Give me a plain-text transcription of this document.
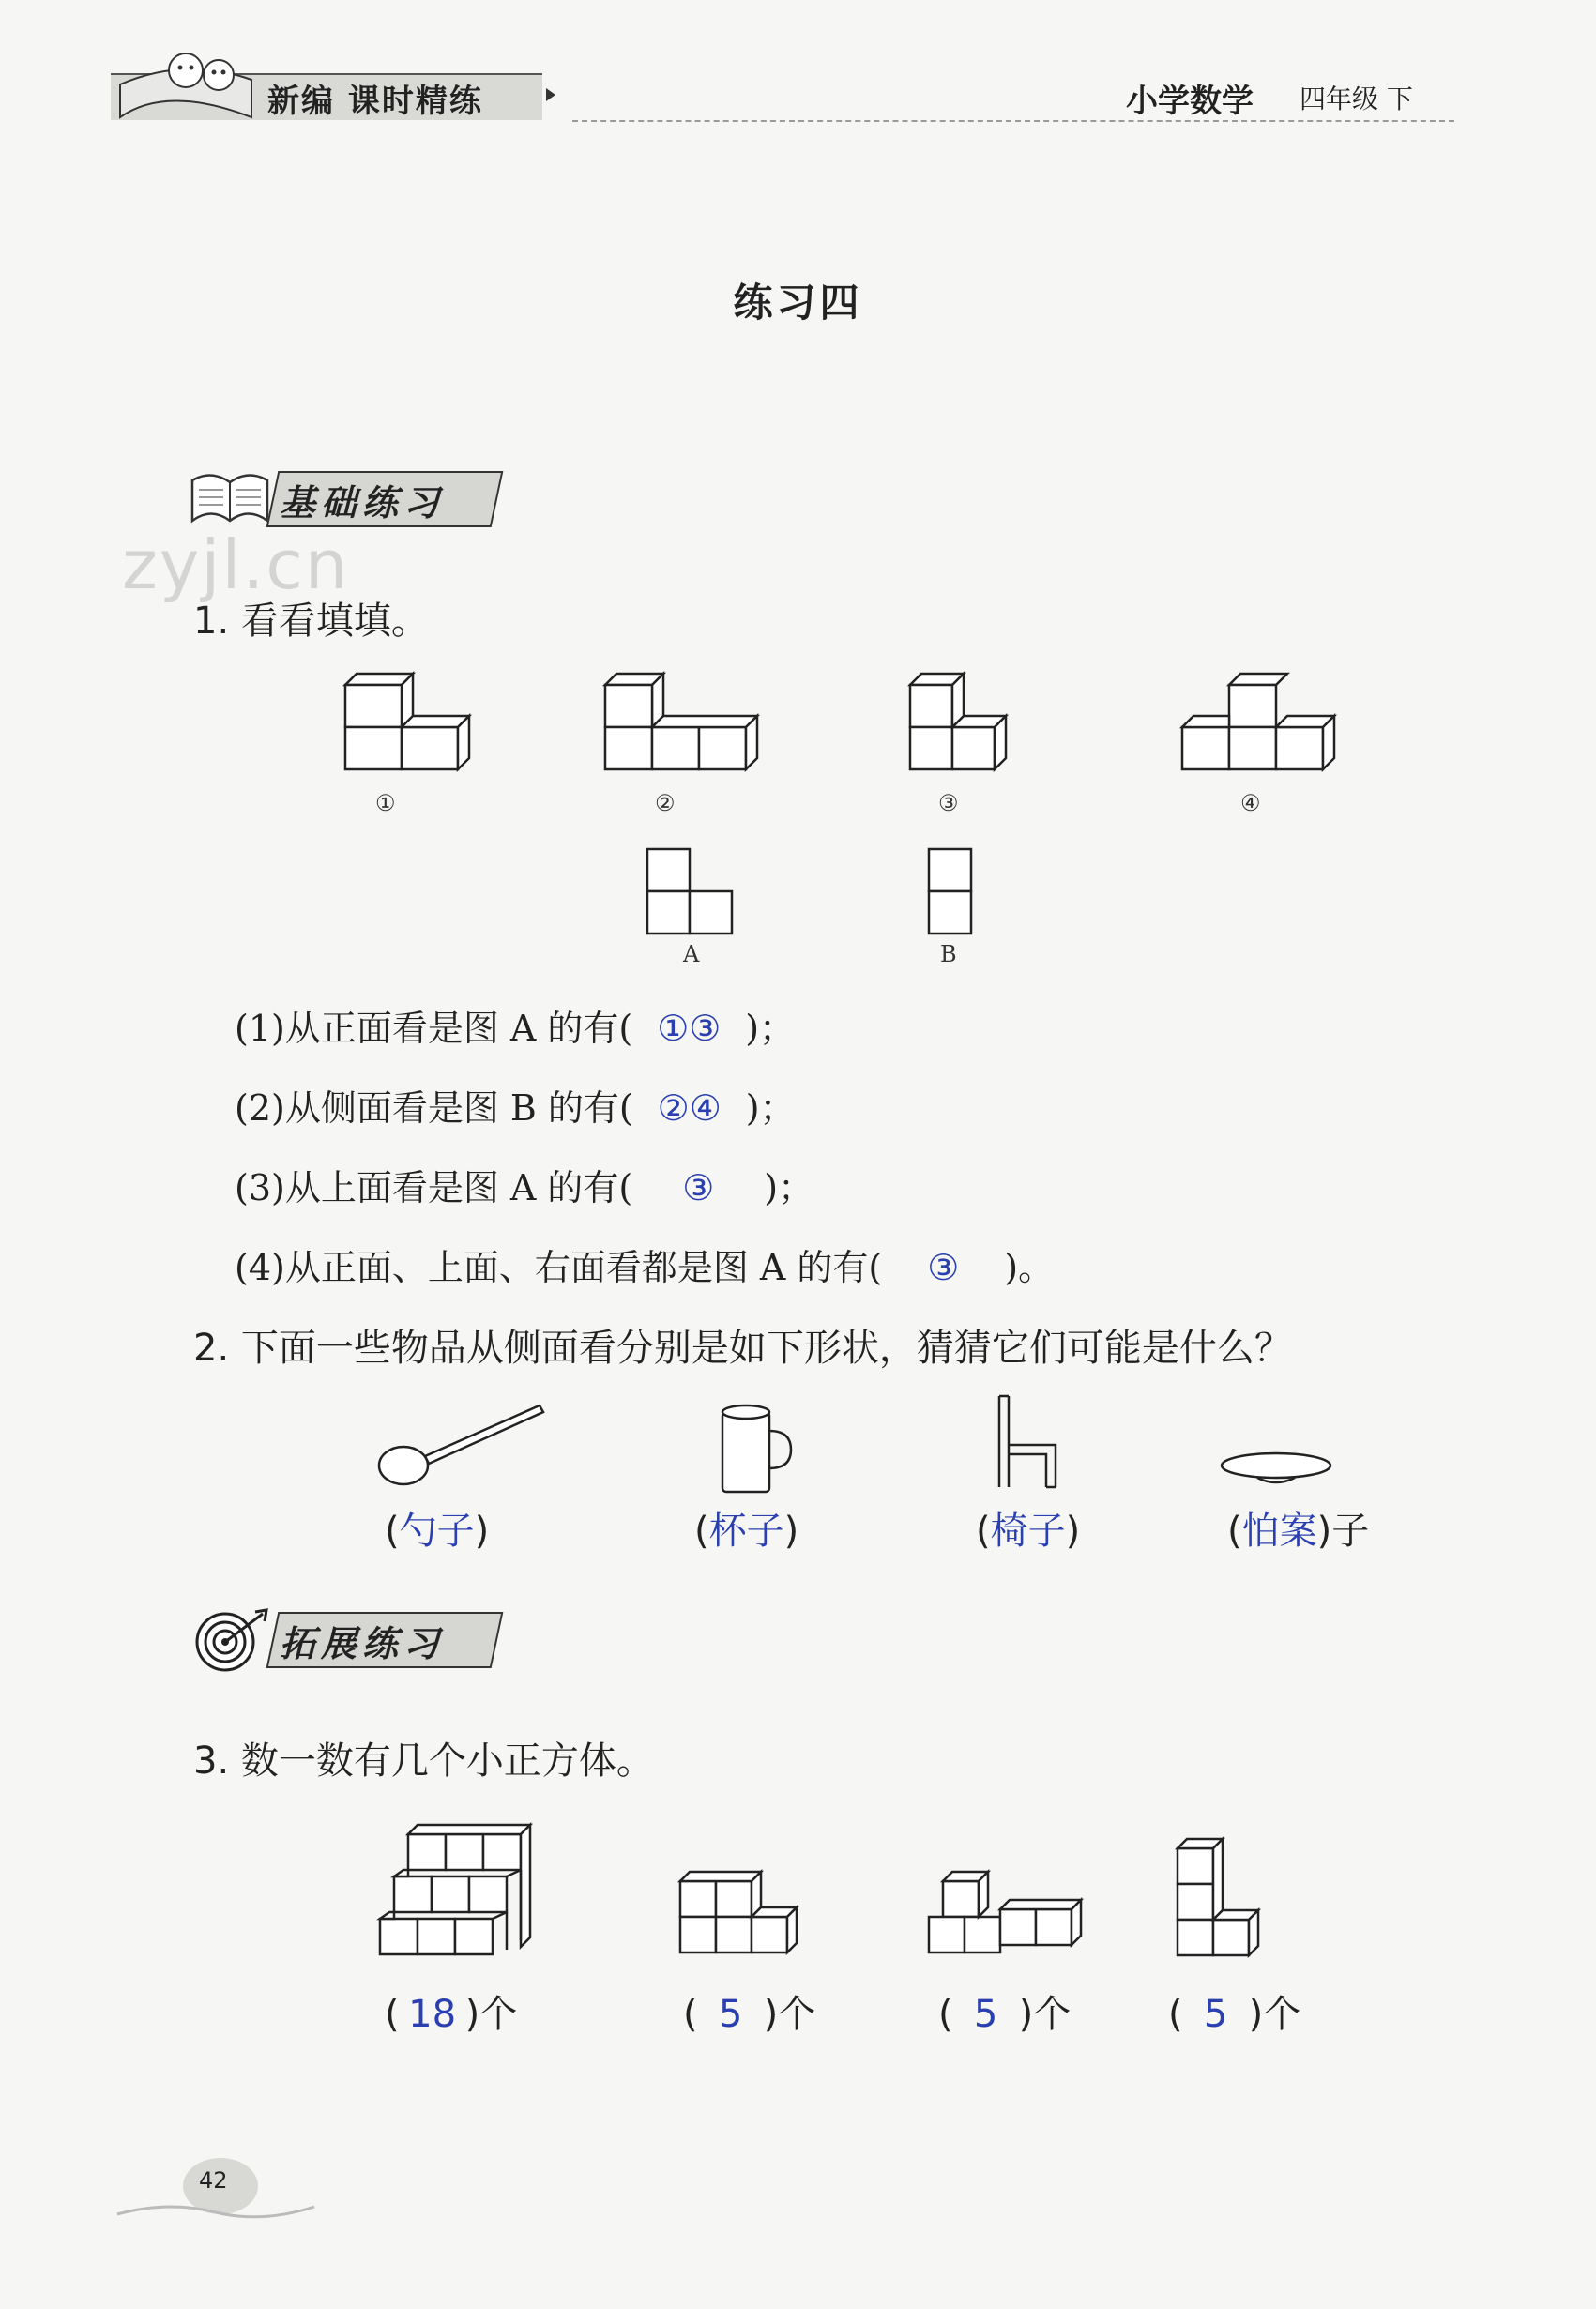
新编 课时精练	小学数学 四年级 下
练习四
基础练习
zyjl.cn
1. 看看填填。
①	②	③	④
A	B
(1)从正面看是图 A 的有( ①③ )；
(2)从侧面看是图 B 的有( ②④ )；
(3)从上面看是图 A 的有( ③ )；
(4)从正面、上面、右面看都是图 A 的有( ③ )。
2. 下面一些物品从侧面看分别是如下形状，猜猜它们可能是什么？
(勺子)	(杯子)	(椅子)	(怕案)子
拓展练习
3. 数一数有几个小正方体。
( 18 )个	( 5 )个	( 5 )个	( 5 )个
42
